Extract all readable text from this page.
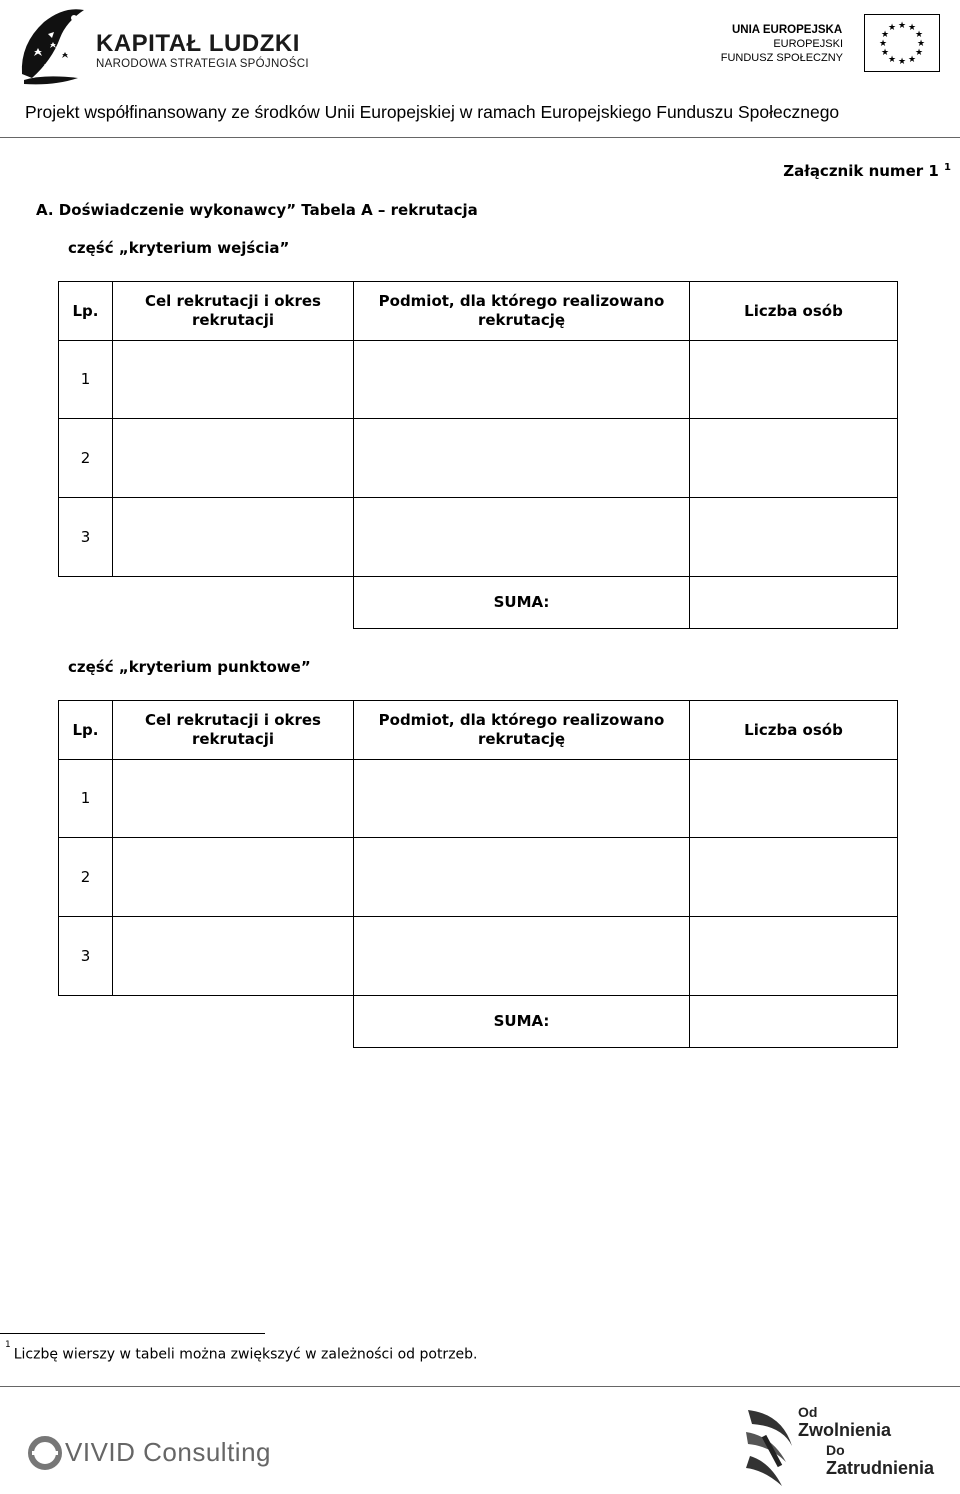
KAPITAŁ LUDZKI
NARODOWA STRATEGIA SPÓJNOŚCI
UNIA EUROPEJSKA
EUROPEJSKI
FUNDUSZ SPOŁECZNY
★ ★
★
★
★
★
★
★
★
★
★
★
Projekt współfinansowany ze środków Unii Europejskiej w ramach Europejskiego Funduszu Społecznego
Załącznik numer 1 $^1$
A. Doświadczenie wykonawcy” Tabela A – rekrutacja
część „kryterium wejścia”
Lp.	Cel rekrutacji i okres rekrutacji	Podmiot, dla którego realizowano rekrutację	Liczba osób
1			
2			
3			
		SUMA:	
część „kryterium punktowe”
Lp.	Cel rekrutacji i okres rekrutacji	Podmiot, dla którego realizowano rekrutację	Liczba osób
1			
2			
3			
		SUMA:	
$^1$Liczbę wierszy w tabeli można zwiększyć w zależności od potrzeb.
VIVID Consulting
Od
Zwolnienia
Do
Zatrudnienia
